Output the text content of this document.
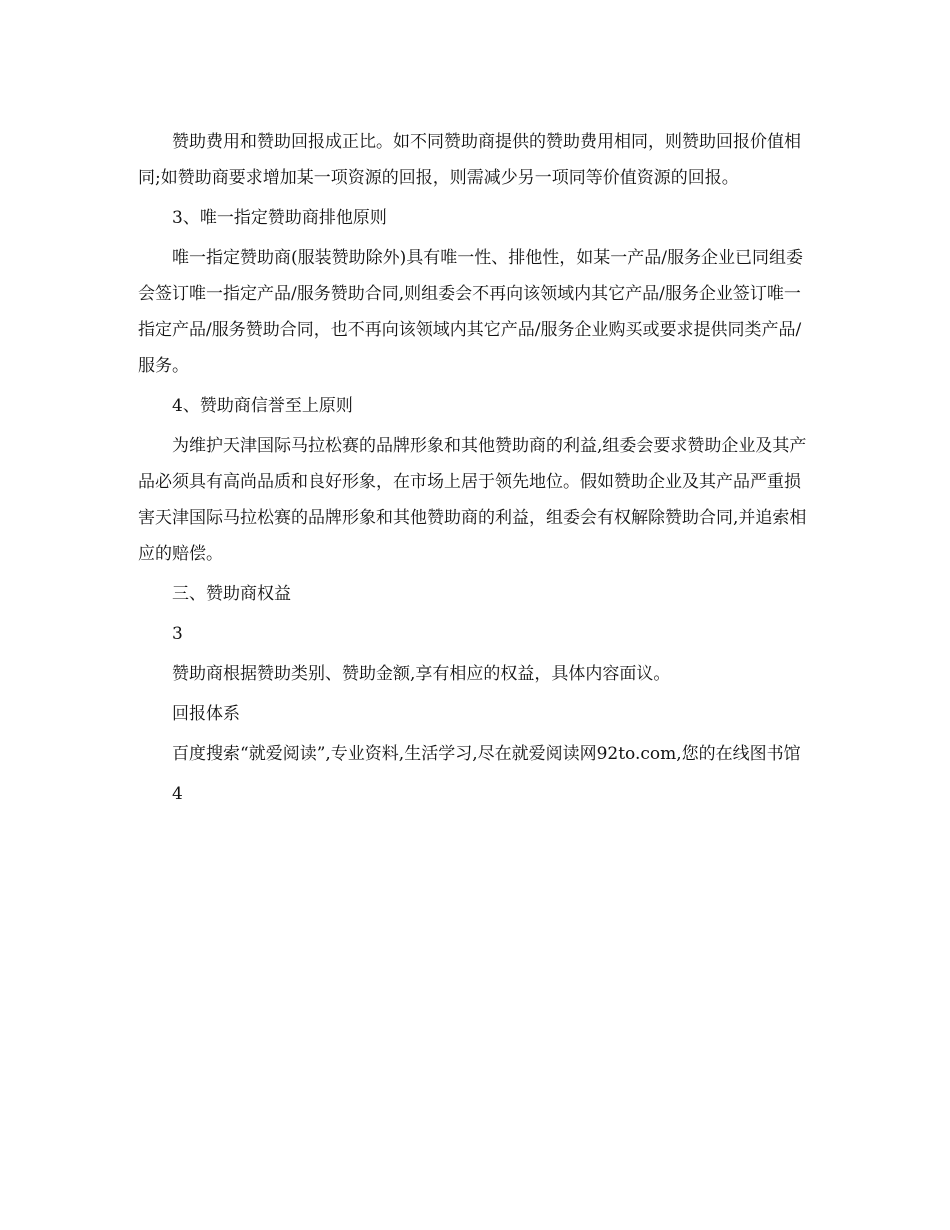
赞助费用和赞助回报成正比。如不同赞助商提供的赞助费用相同，则赞助回报价值相同;如赞助商要求增加某一项资源的回报，则需减少另一项同等价值资源的回报。

3、唯一指定赞助商排他原则

唯一指定赞助商(服装赞助除外)具有唯一性、排他性，如某一产品/服务企业已同组委会签订唯一指定产品/服务赞助合同,则组委会不再向该领域内其它产品/服务企业签订唯一指定产品/服务赞助合同，也不再向该领域内其它产品/服务企业购买或要求提供同类产品/服务。

4、赞助商信誉至上原则

为维护天津国际马拉松赛的品牌形象和其他赞助商的利益,组委会要求赞助企业及其产品必须具有高尚品质和良好形象，在市场上居于领先地位。假如赞助企业及其产品严重损害天津国际马拉松赛的品牌形象和其他赞助商的利益，组委会有权解除赞助合同,并追索相应的赔偿。

三、赞助商权益

3

赞助商根据赞助类别、赞助金额,享有相应的权益，具体内容面议。

回报体系

百度搜索“就爱阅读”,专业资料,生活学习,尽在就爱阅读网92to.com,您的在线图书馆

4
